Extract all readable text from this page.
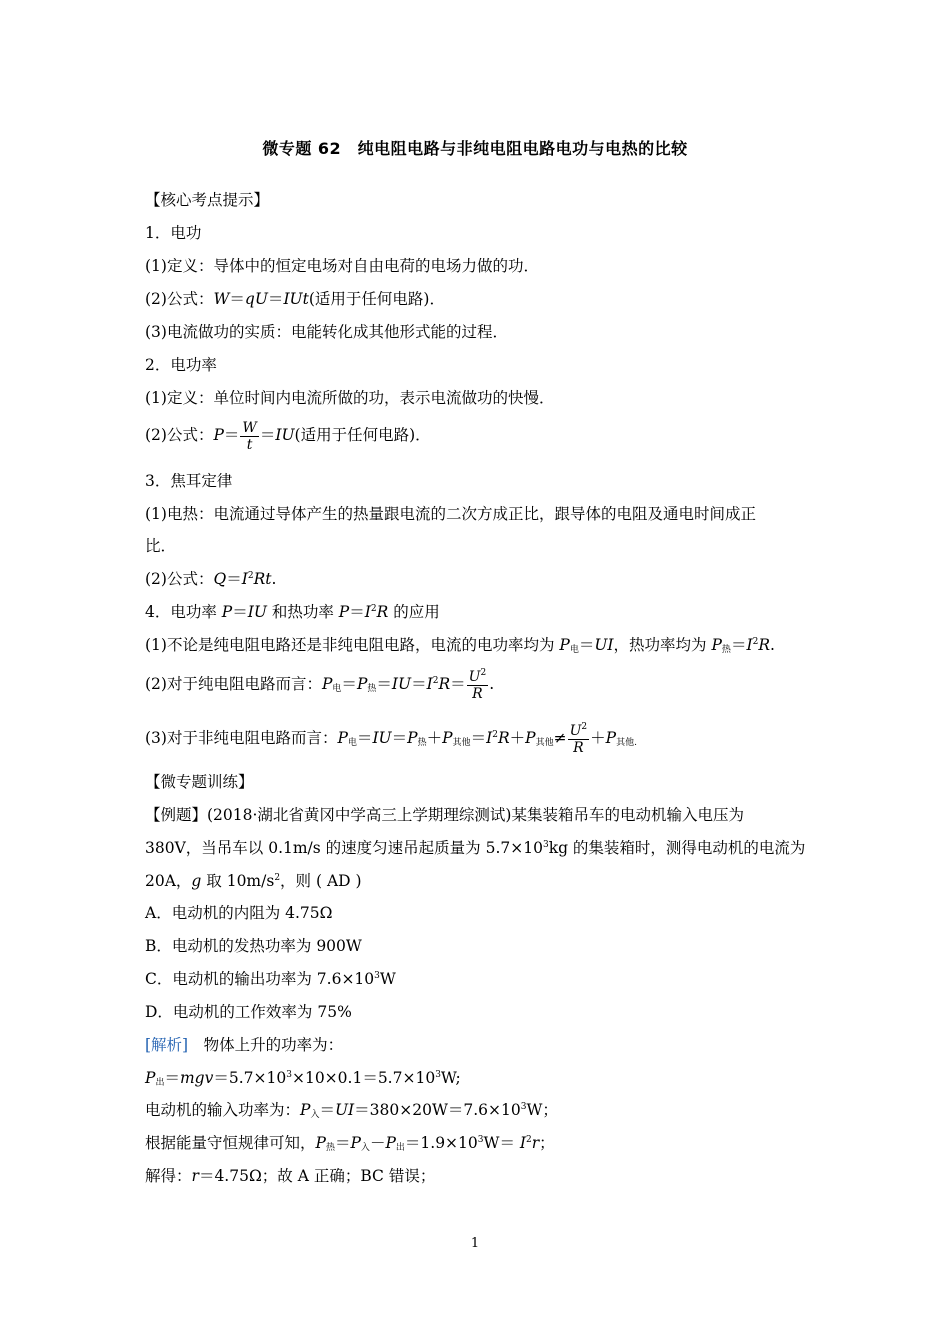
微专题 62　纯电阻电路与非纯电阻电路电功与电热的比较
【核心考点提示】
1．电功
(1)定义：导体中的恒定电场对自由电荷的电场力做的功．
(2)公式：W＝qU＝IUt(适用于任何电路)．
(3)电流做功的实质：电能转化成其他形式能的过程．
2．电功率
(1)定义：单位时间内电流所做的功，表示电流做功的快慢．
(2)公式：$P= \frac{W}{t} =IU$(适用于任何电路)．
3．焦耳定律
(1)电热：电流通过导体产生的热量跟电流的二次方成正比，跟导体的电阻及通电时间成正
比．
(2)公式：$Q=I^2Rt$.
4．电功率 P＝IU 和热功率 $P=I^2R$ 的应用
(1)不论是纯电阻电路还是非纯电阻电路，电流的电功率均为 $P_电=UI$，热功率均为 $P_热=I^2R$.
(2)对于纯电阻电路而言：$P_电=P_热=IU=I^2R= \frac{U^2}{R}$ .
(3)对于非纯电阻电路而言：$P_电=IU=P_热+P_{其他}=I^2R+P_{其他}\ne \frac{U^2}{R} +P_{其他.}$
【微专题训练】
【例题】(2018·湖北省黄冈中学高三上学期理综测试)某集装箱吊车的电动机输入电压为
380V，当吊车以 0.1m/s 的速度匀速吊起质量为 $5.7\times 10^3kg$ 的集装箱时，测得电动机的电流为
20A，g 取 $10m/s^2$，则 ( AD )
A．电动机的内阻为 4.75Ω
B．电动机的发热功率为 900W
C．电动机的输出功率为 $7.6\times 10^3W$
D．电动机的工作效率为 75%
[解析]　物体上升的功率为：
$P_出=mgv=5.7\times 10^3\times 10\times 0.1=5.7\times 10^3W$;
电动机的输入功率为：$P_入=UI=380\times 20W=7.6\times 10^3W$；
根据能量守恒规律可知，$P_热=P_入-P_出=1.9\times 10^3W= I^2r$；
解得：r＝4.75Ω；故 A 正确；BC 错误；
1
